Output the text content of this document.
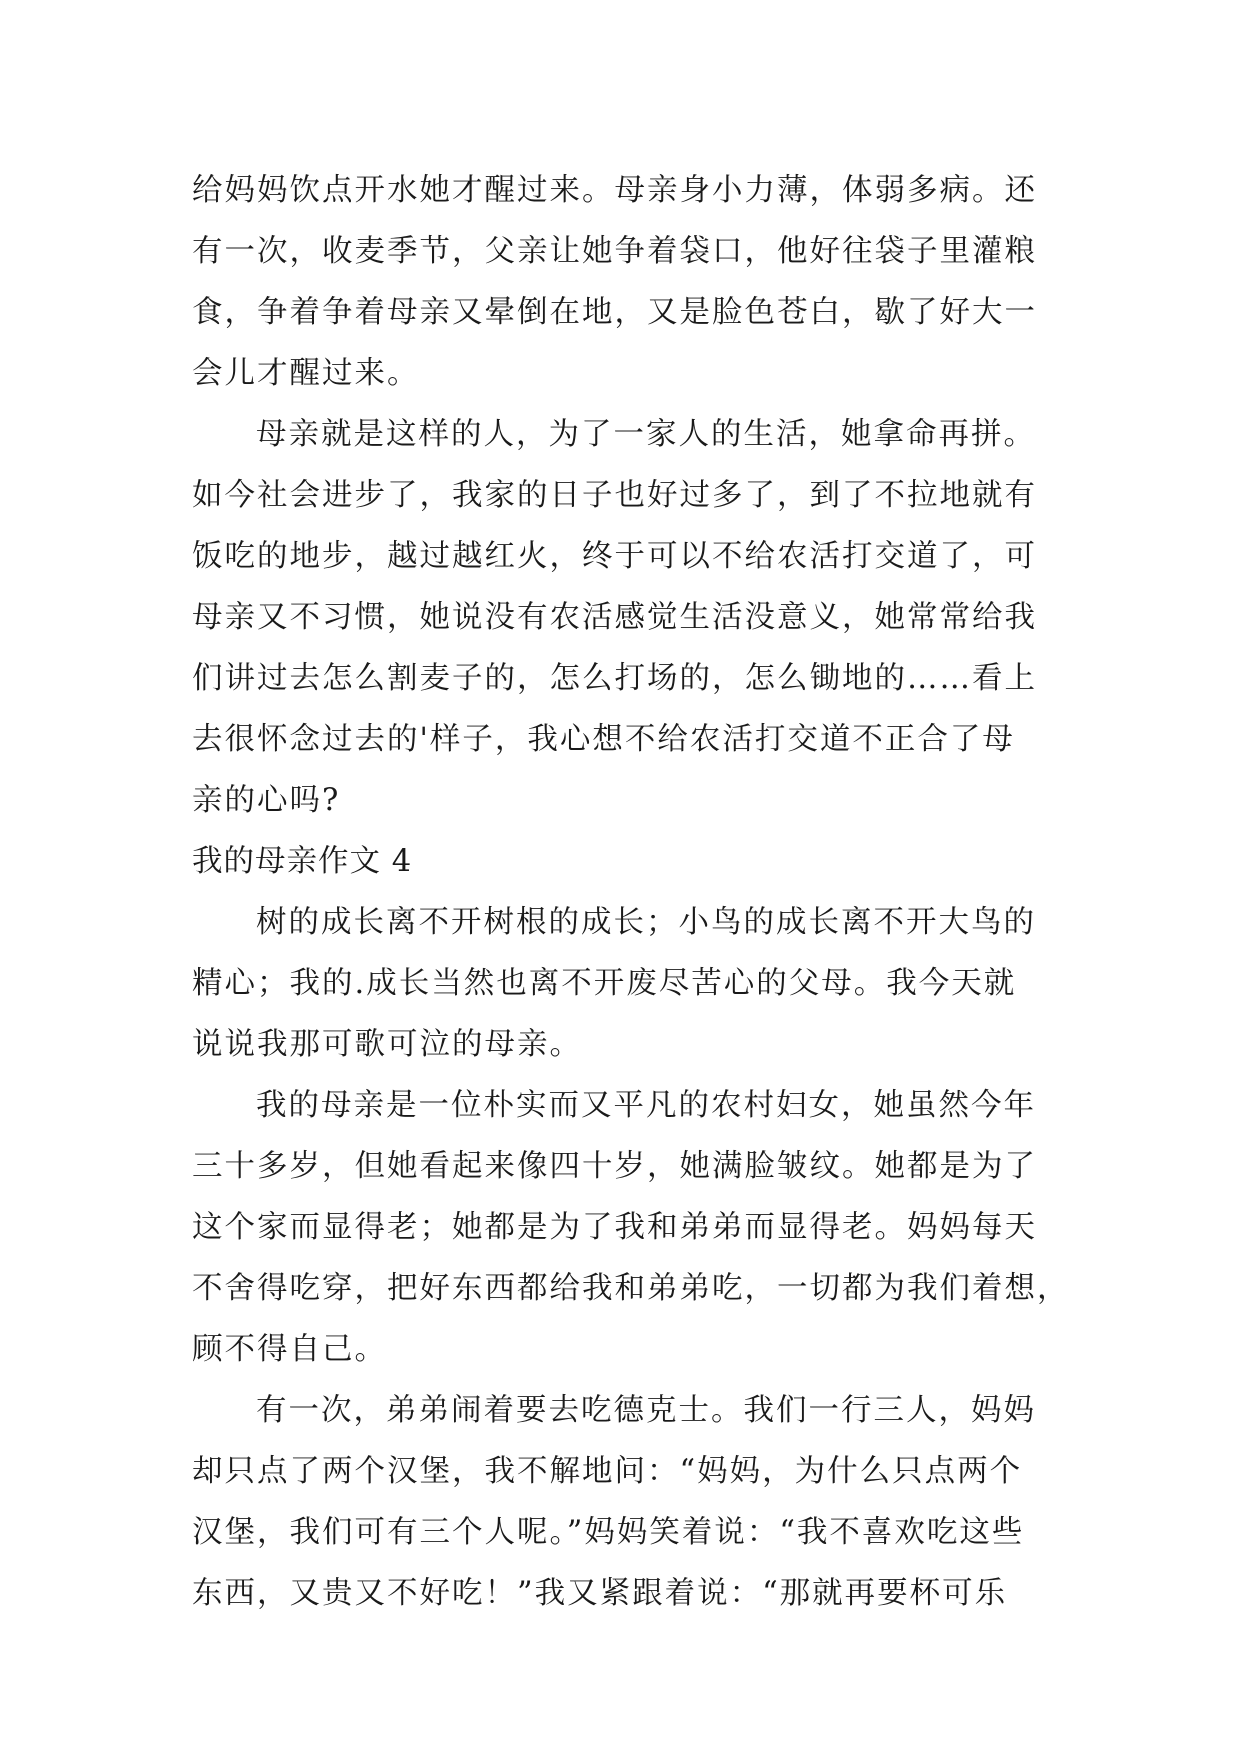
给妈妈饮点开水她才醒过来。母亲身小力薄，体弱多病。还
有一次，收麦季节，父亲让她争着袋口，他好往袋子里灌粮
食，争着争着母亲又晕倒在地，又是脸色苍白，歇了好大一
会儿才醒过来。
母亲就是这样的人，为了一家人的生活，她拿命再拼。
如今社会进步了，我家的日子也好过多了，到了不拉地就有
饭吃的地步，越过越红火，终于可以不给农活打交道了，可
母亲又不习惯，她说没有农活感觉生活没意义，她常常给我
们讲过去怎么割麦子的，怎么打场的，怎么锄地的……看上
去很怀念过去的'样子，我心想不给农活打交道不正合了母
亲的心吗?
我的母亲作文 4
树的成长离不开树根的成长；小鸟的成长离不开大鸟的
精心；我的.成长当然也离不开废尽苦心的父母。我今天就
说说我那可歌可泣的母亲。
我的母亲是一位朴实而又平凡的农村妇女，她虽然今年
三十多岁，但她看起来像四十岁，她满脸皱纹。她都是为了
这个家而显得老；她都是为了我和弟弟而显得老。妈妈每天
不舍得吃穿，把好东西都给我和弟弟吃，一切都为我们着想，
顾不得自己。
有一次，弟弟闹着要去吃德克士。我们一行三人，妈妈
却只点了两个汉堡，我不解地问：“妈妈，为什么只点两个
汉堡，我们可有三个人呢。”妈妈笑着说：“我不喜欢吃这些
东西，又贵又不好吃！”我又紧跟着说：“那就再要杯可乐
